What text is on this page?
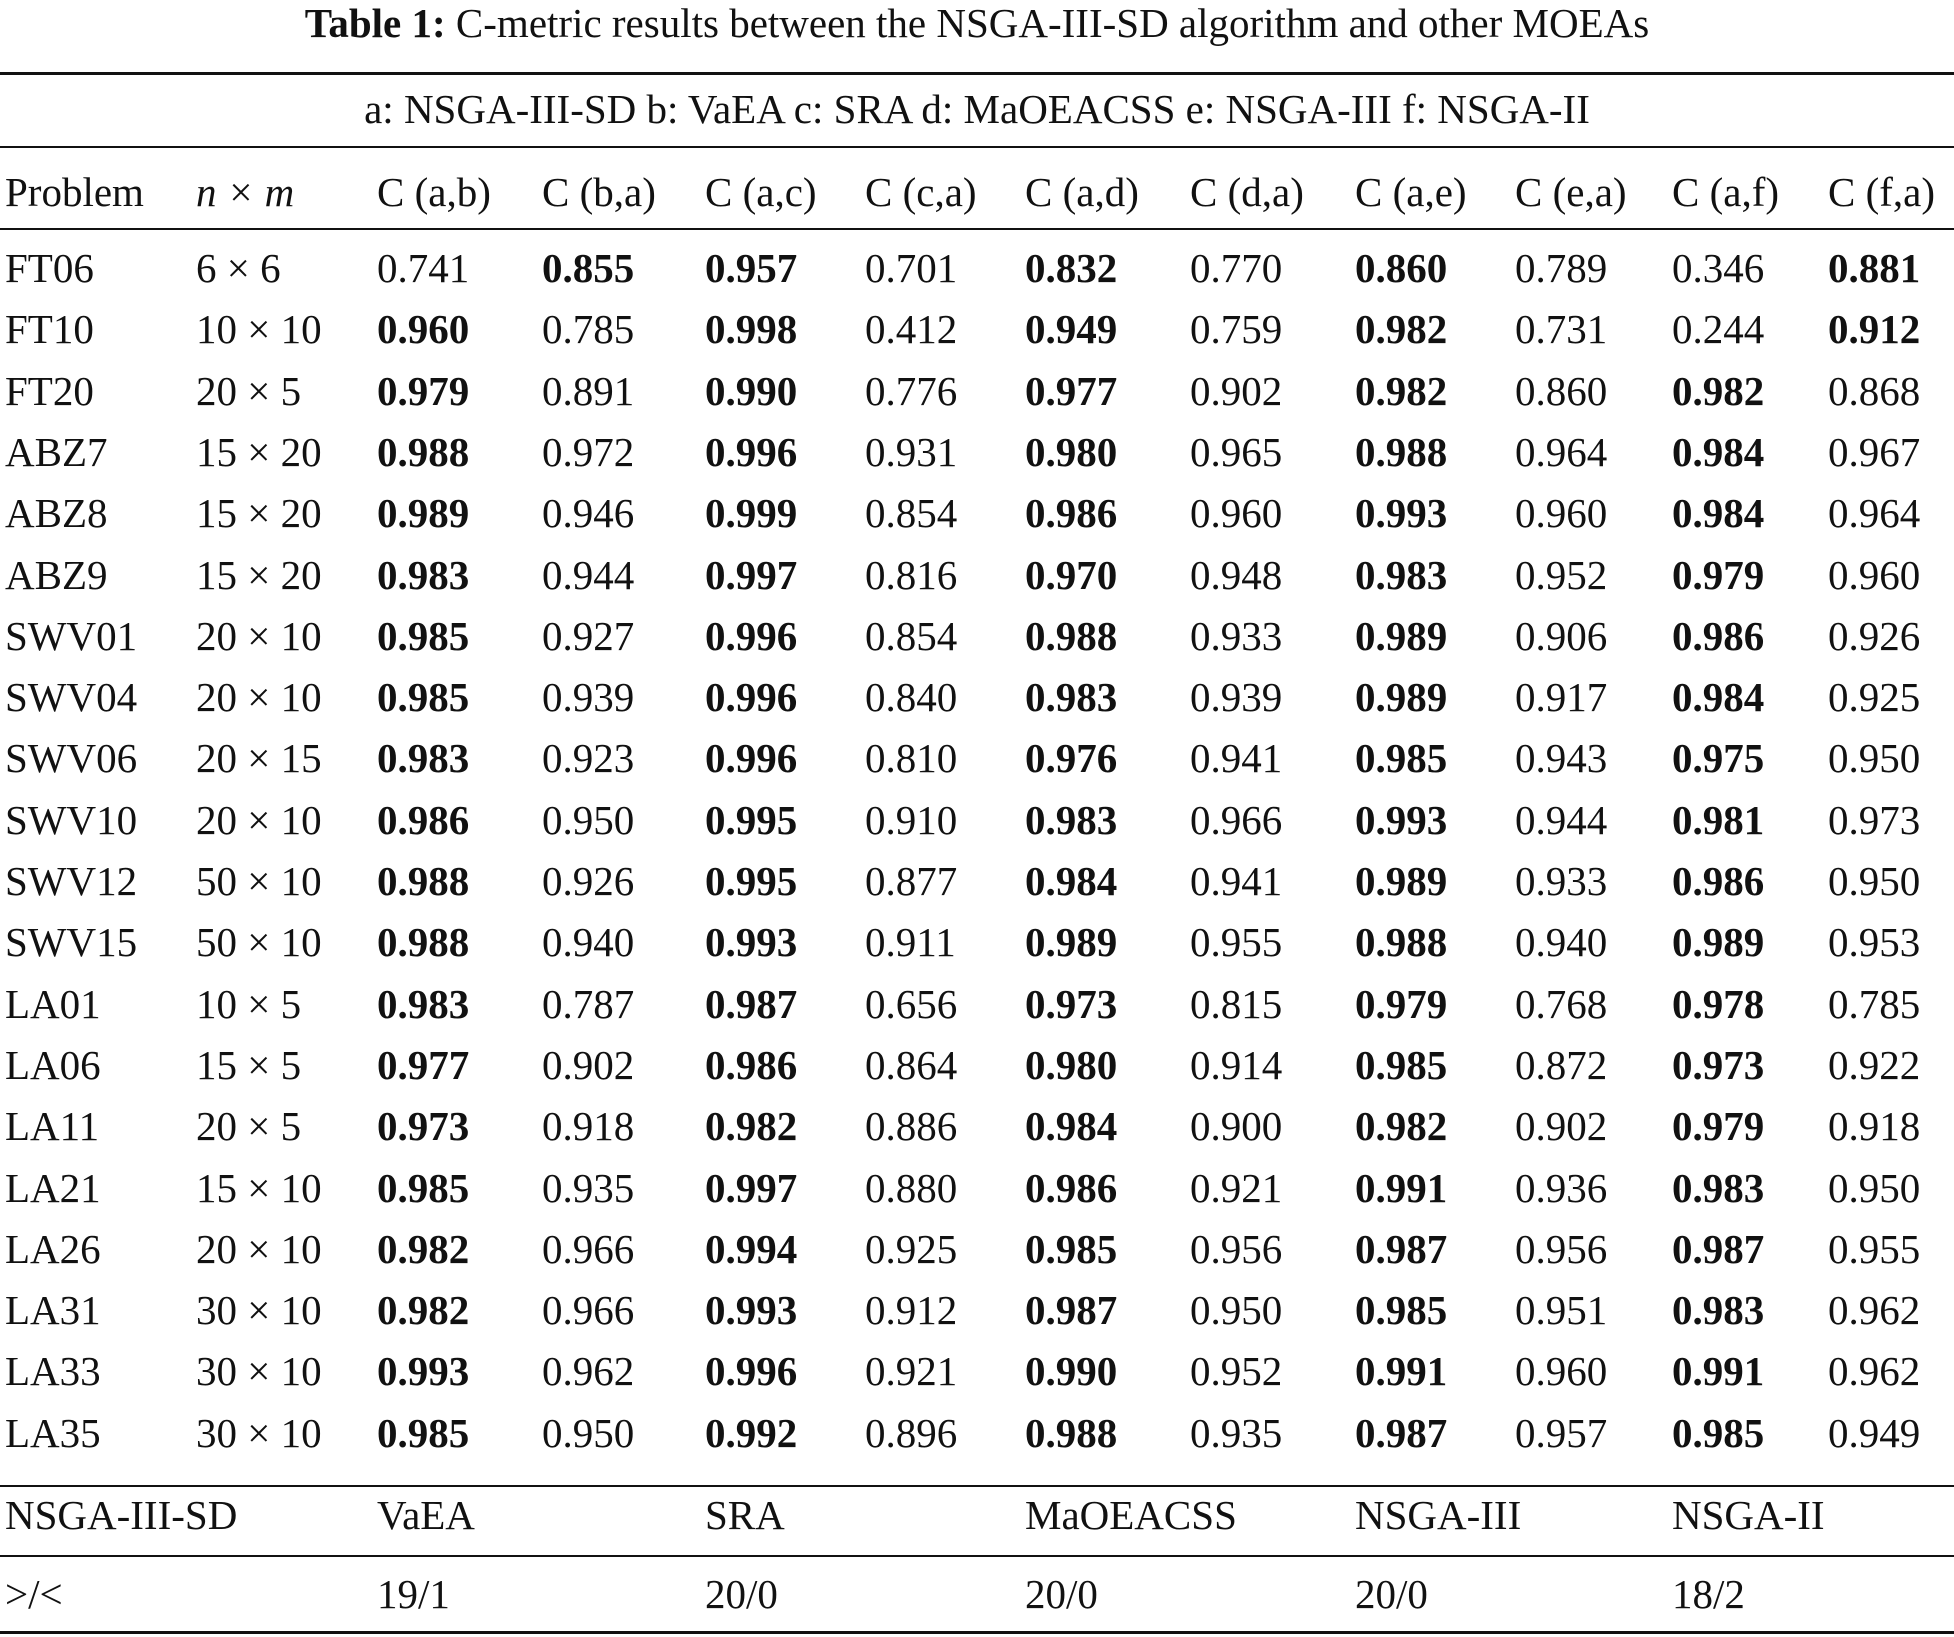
Table 1: C-metric results between the NSGA-III-SD algorithm and other MOEAs
a: NSGA-III-SD b: VaEA c: SRA d: MaOEACSS e: NSGA-III f: NSGA-II
Problem n × m C (a,b) C (b,a) C (a,c) C (c,a) C (a,d) C (d,a) C (a,e) C (e,a) C (a,f) C (f,a)
FT06 6 × 6 0.741 0.855 0.957 0.701 0.832 0.770 0.860 0.789 0.346 0.881
FT10 10 × 10 0.960 0.785 0.998 0.412 0.949 0.759 0.982 0.731 0.244 0.912
FT20 20 × 5 0.979 0.891 0.990 0.776 0.977 0.902 0.982 0.860 0.982 0.868
ABZ7 15 × 20 0.988 0.972 0.996 0.931 0.980 0.965 0.988 0.964 0.984 0.967
ABZ8 15 × 20 0.989 0.946 0.999 0.854 0.986 0.960 0.993 0.960 0.984 0.964
ABZ9 15 × 20 0.983 0.944 0.997 0.816 0.970 0.948 0.983 0.952 0.979 0.960
SWV01 20 × 10 0.985 0.927 0.996 0.854 0.988 0.933 0.989 0.906 0.986 0.926
SWV04 20 × 10 0.985 0.939 0.996 0.840 0.983 0.939 0.989 0.917 0.984 0.925
SWV06 20 × 15 0.983 0.923 0.996 0.810 0.976 0.941 0.985 0.943 0.975 0.950
SWV10 20 × 10 0.986 0.950 0.995 0.910 0.983 0.966 0.993 0.944 0.981 0.973
SWV12 50 × 10 0.988 0.926 0.995 0.877 0.984 0.941 0.989 0.933 0.986 0.950
SWV15 50 × 10 0.988 0.940 0.993 0.911 0.989 0.955 0.988 0.940 0.989 0.953
LA01 10 × 5 0.983 0.787 0.987 0.656 0.973 0.815 0.979 0.768 0.978 0.785
LA06 15 × 5 0.977 0.902 0.986 0.864 0.980 0.914 0.985 0.872 0.973 0.922
LA11 20 × 5 0.973 0.918 0.982 0.886 0.984 0.900 0.982 0.902 0.979 0.918
LA21 15 × 10 0.985 0.935 0.997 0.880 0.986 0.921 0.991 0.936 0.983 0.950
LA26 20 × 10 0.982 0.966 0.994 0.925 0.985 0.956 0.987 0.956 0.987 0.955
LA31 30 × 10 0.982 0.966 0.993 0.912 0.987 0.950 0.985 0.951 0.983 0.962
LA33 30 × 10 0.993 0.962 0.996 0.921 0.990 0.952 0.991 0.960 0.991 0.962
LA35 30 × 10 0.985 0.950 0.992 0.896 0.988 0.935 0.987 0.957 0.985 0.949
NSGA-III-SD	VaEA	SRA	MaOEACSS	NSGA-III	NSGA-II
>/<	19/1	20/0	20/0	20/0	18/2
